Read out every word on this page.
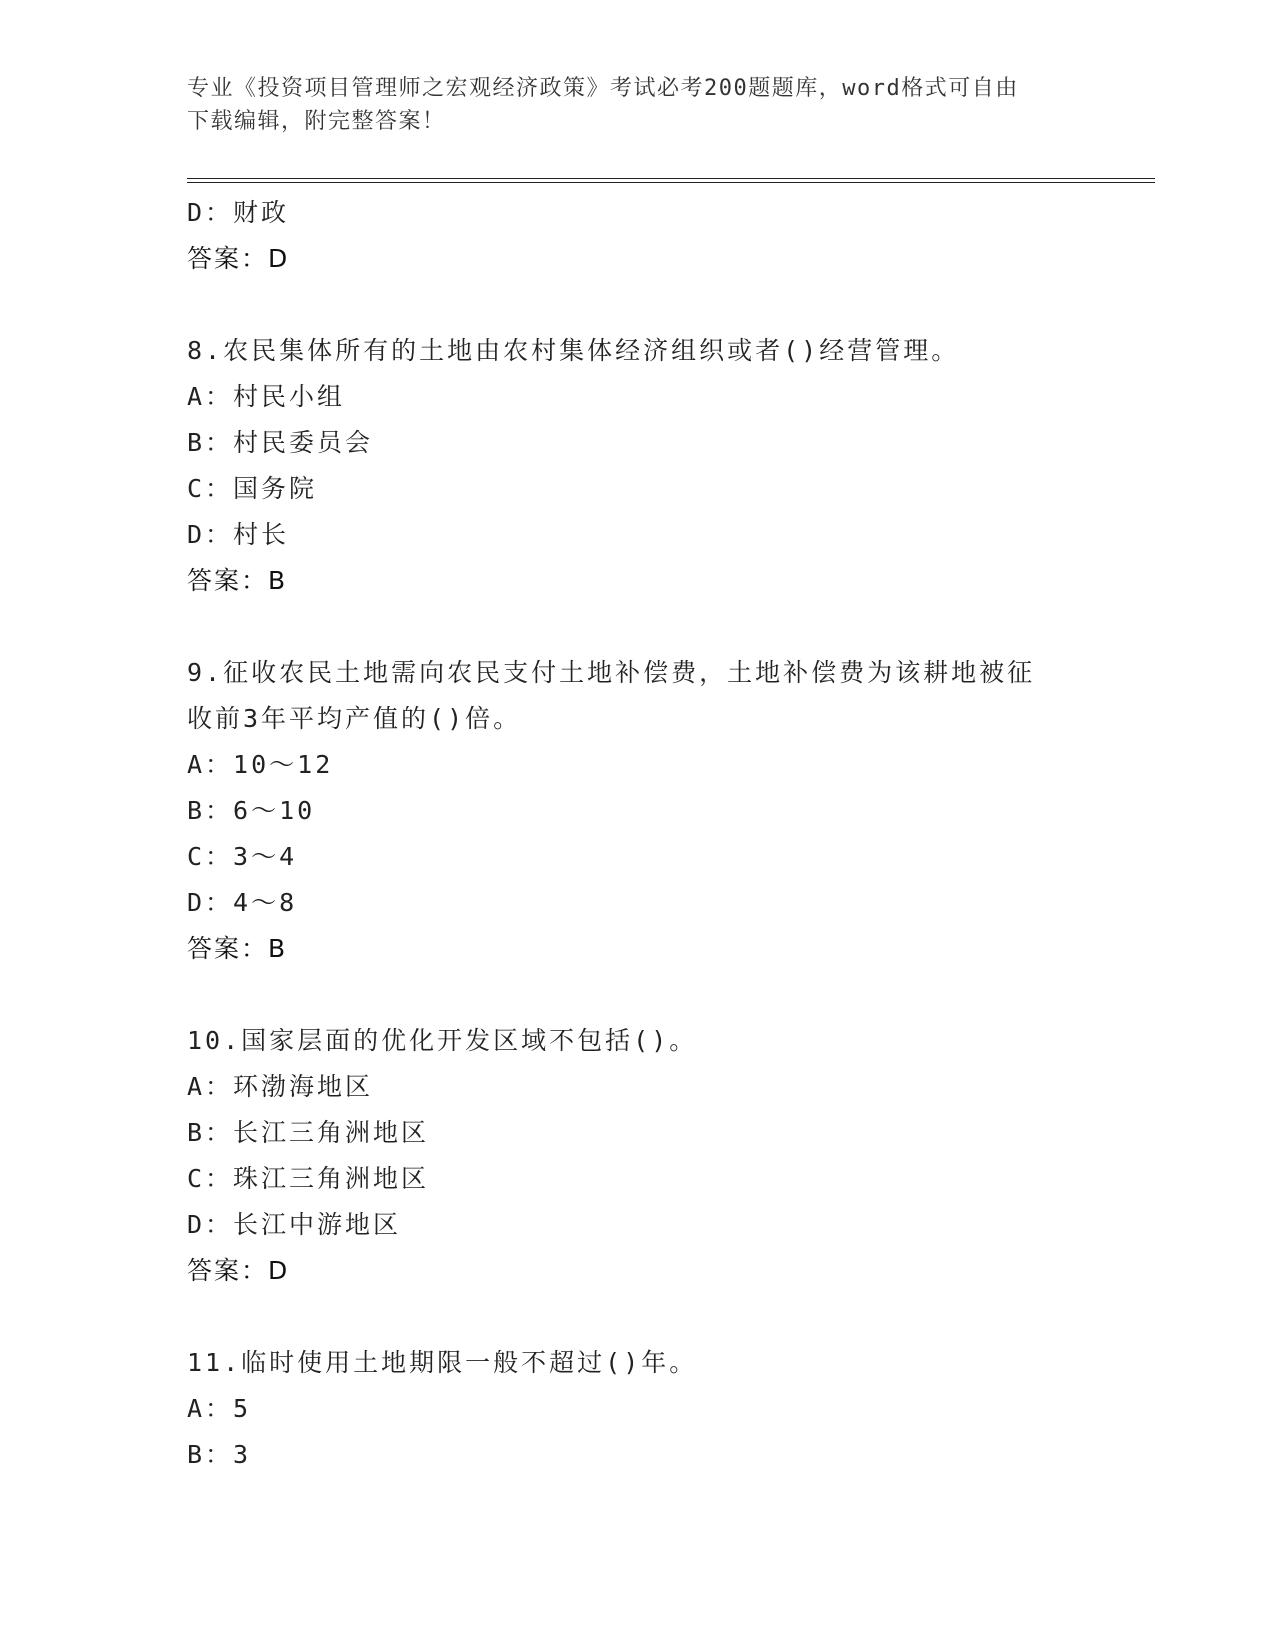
专业《投资项目管理师之宏观经济政策》考试必考200题题库，word格式可自由
下载编辑，附完整答案！
D：财政
答案：D
8.农民集体所有的土地由农村集体经济组织或者()经营管理。
A：村民小组
B：村民委员会
C：国务院
D：村长
答案：B
9.征收农民土地需向农民支付土地补偿费，土地补偿费为该耕地被征
收前3年平均产值的()倍。
A：10～12
B：6～10
C：3～4
D：4～8
答案：B
10.国家层面的优化开发区域不包括()。
A：环渤海地区
B：长江三角洲地区
C：珠江三角洲地区
D：长江中游地区
答案：D
11.临时使用土地期限一般不超过()年。
A：5
B：3
